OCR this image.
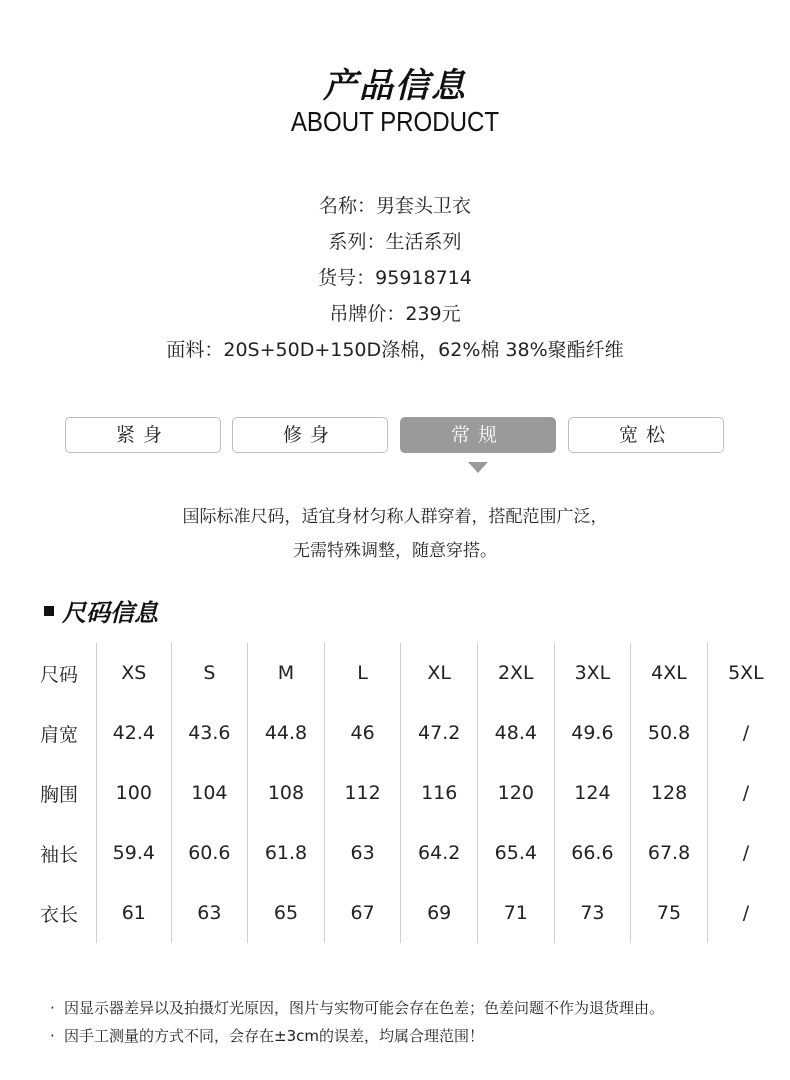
产品信息
ABOUT PRODUCT
名称：男套头卫衣
系列：生活系列
货号：95918714
吊牌价：239元
面料：20S+50D+150D涤棉，62%棉 38%聚酯纤维
紧身	修身	常规	宽松
国际标准尺码，适宜身材匀称人群穿着，搭配范围广泛，
无需特殊调整，随意穿搭。
尺码信息
尺码	XS	S	M	L	XL	2XL	3XL	4XL	5XL
肩宽	42.4	43.6	44.8	46	47.2	48.4	49.6	50.8	/
胸围	100	104	108	112	116	120	124	128	/
袖长	59.4	60.6	61.8	63	64.2	65.4	66.6	67.8	/
衣长	61	63	65	67	69	71	73	75	/
· 因显示器差异以及拍摄灯光原因，图片与实物可能会存在色差；色差问题不作为退货理由。
· 因手工测量的方式不同，会存在±3cm的误差，均属合理范围！
